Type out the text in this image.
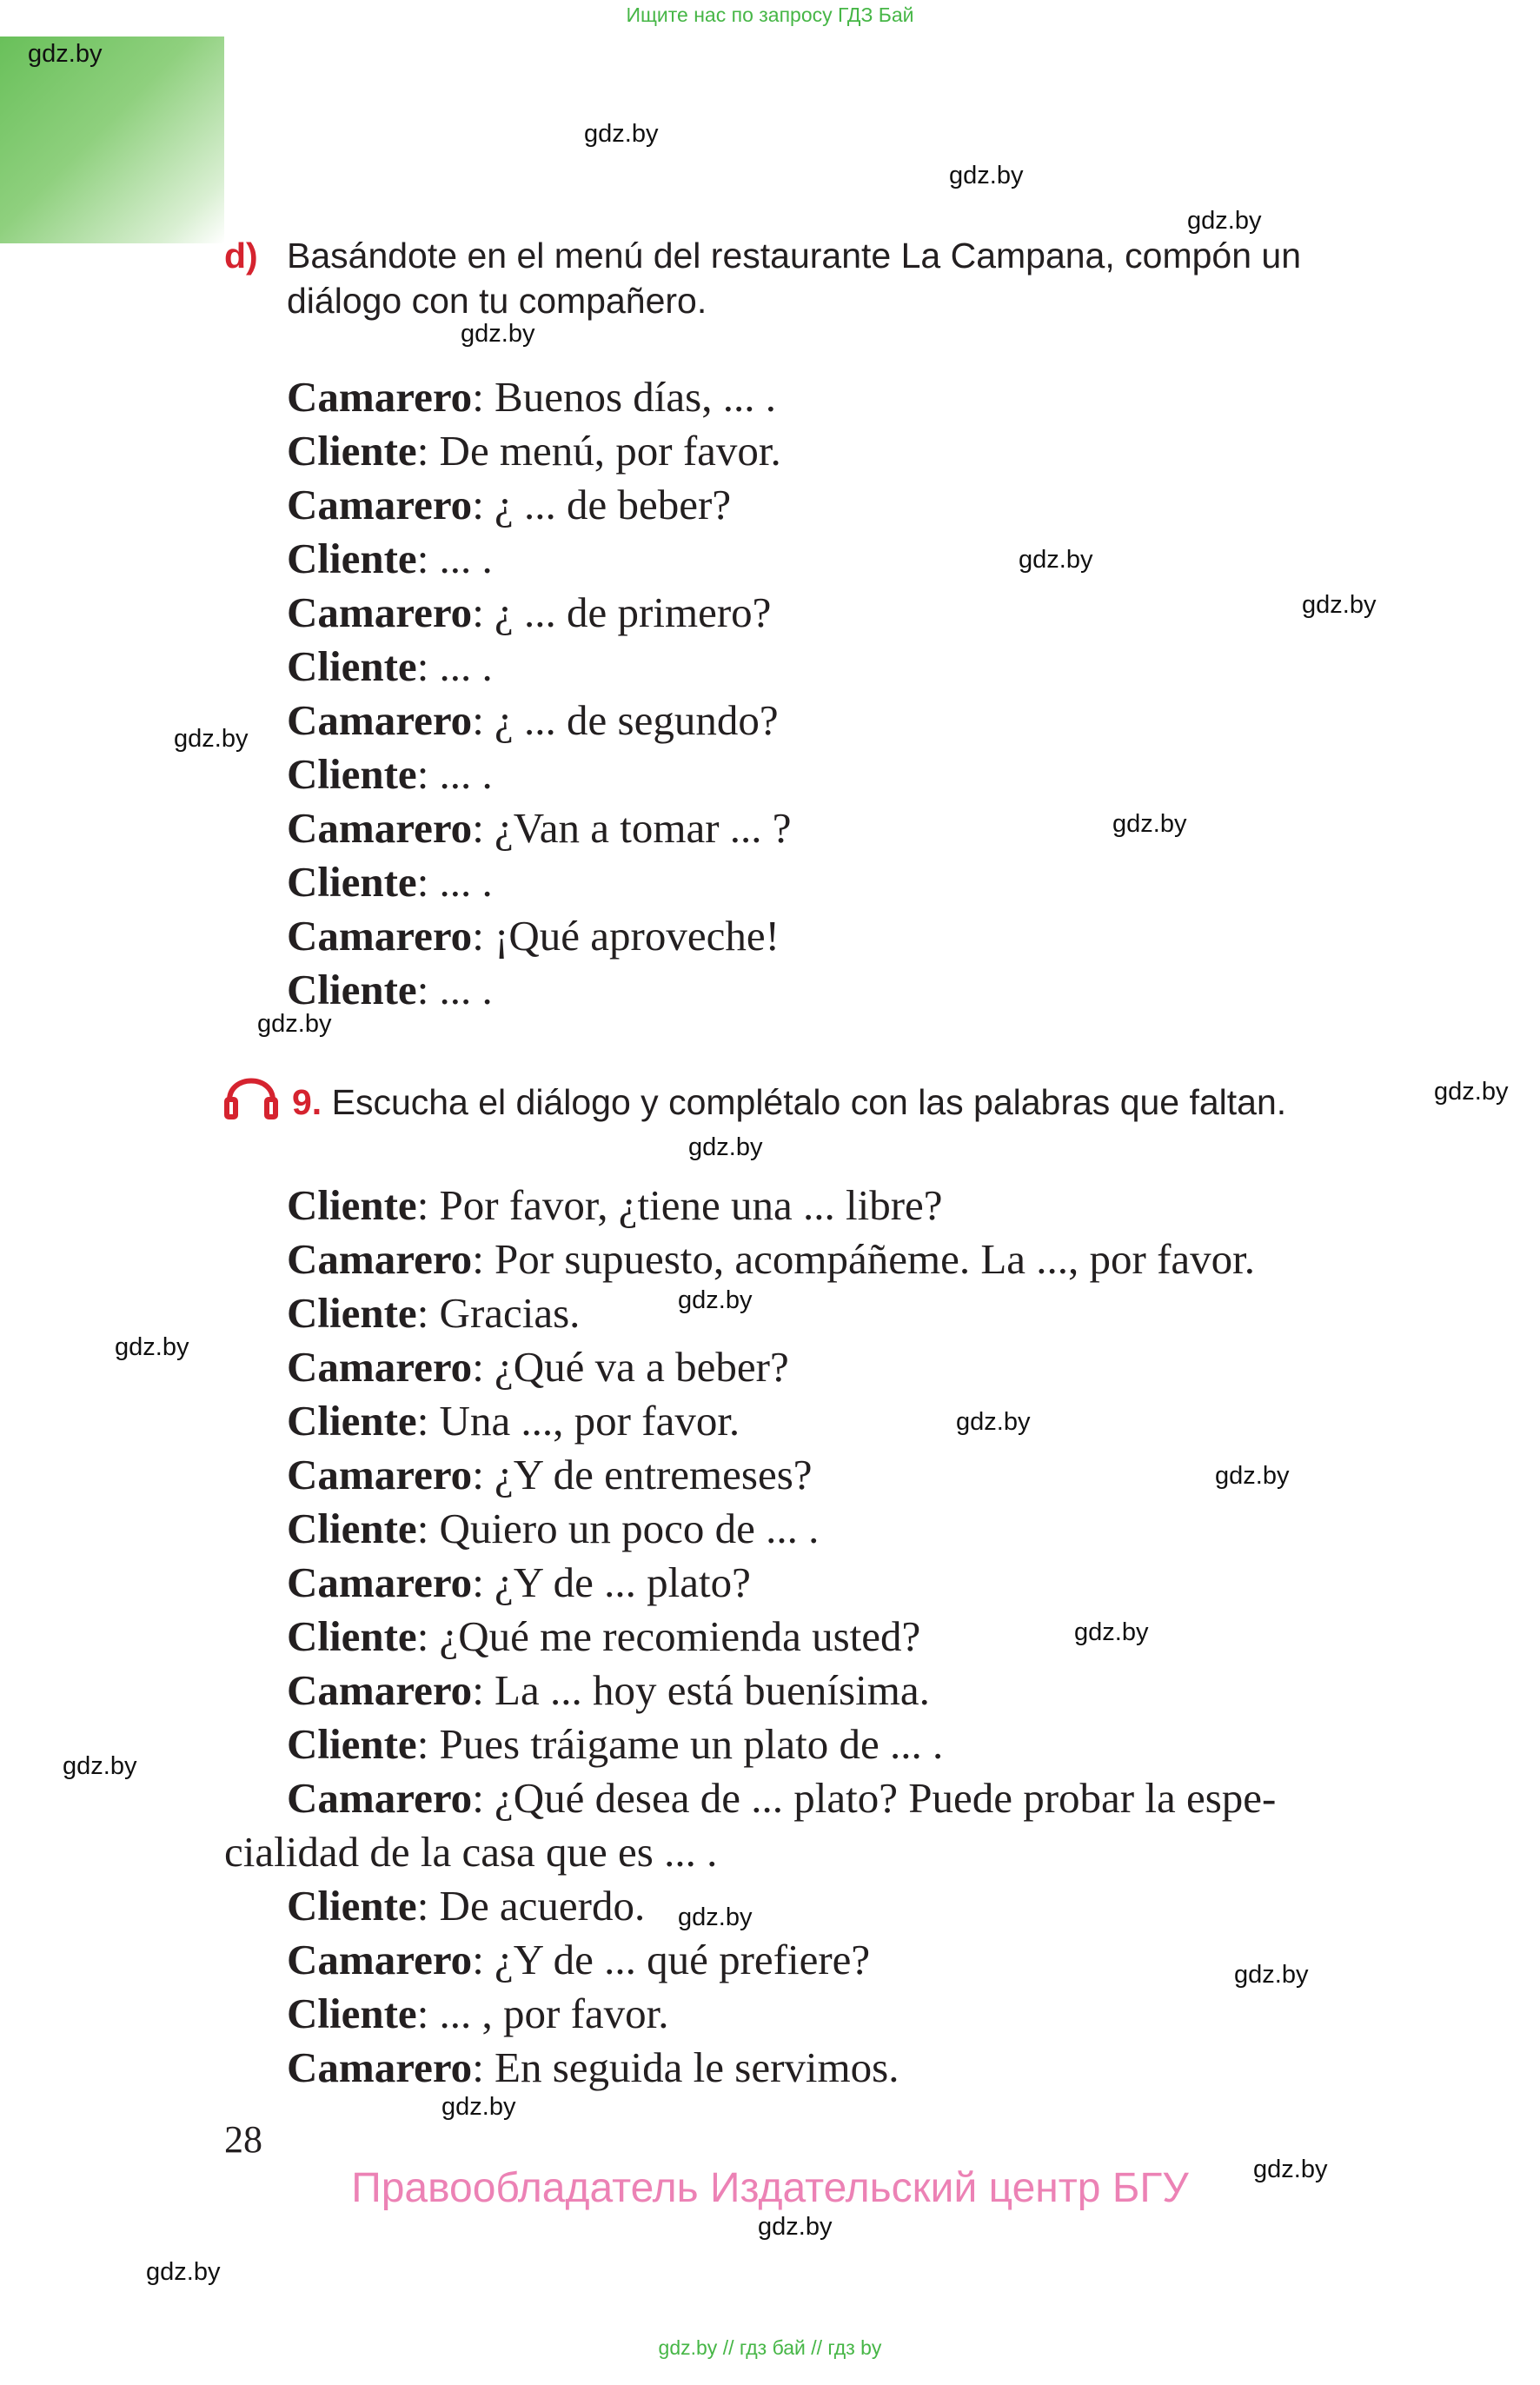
Ищите нас по запросу ГДЗ Бай
gdz.by
gdz.by
gdz.by
gdz.by
gdz.by
gdz.by
gdz.by
gdz.by
gdz.by
gdz.by
gdz.by
gdz.by
gdz.by
gdz.by
gdz.by
gdz.by
gdz.by
gdz.by
gdz.by
gdz.by
gdz.by
gdz.by
gdz.by
gdz.by
d) Basándote en el menú del restaurante La Campana, compón un
diálogo con tu compañero.
Camarero: Buenos días, ... .
Cliente: De menú, por favor.
Camarero: ¿ ... de beber?
Cliente: ... .
Camarero: ¿ ... de primero?
Cliente: ... .
Camarero: ¿ ... de segundo?
Cliente: ... .
Camarero: ¿Van a tomar ... ?
Cliente: ... .
Camarero: ¡Qué aproveche!
Cliente: ... .
9. Escucha el diálogo y complétalo con las palabras que faltan.
Cliente: Por favor, ¿tiene una ... libre?
Camarero: Por supuesto, acompáñeme. La ..., por favor.
Cliente: Gracias.
Camarero: ¿Qué va a beber?
Cliente: Una ..., por favor.
Camarero: ¿Y de entremeses?
Cliente: Quiero un poco de ... .
Camarero: ¿Y de ... plato?
Cliente: ¿Qué me recomienda usted?
Camarero: La ... hoy está buenísima.
Cliente: Pues tráigame un plato de ... .
Camarero: ¿Qué desea de ... plato? Puede probar la espe-
cialidad de la casa que es ... .
Cliente: De acuerdo.
Camarero: ¿Y de ... qué prefiere?
Cliente: ... , por favor.
Camarero: En seguida le servimos.
28
Правообладатель Издательский центр БГУ
gdz.by // гдз бай // гдз by
